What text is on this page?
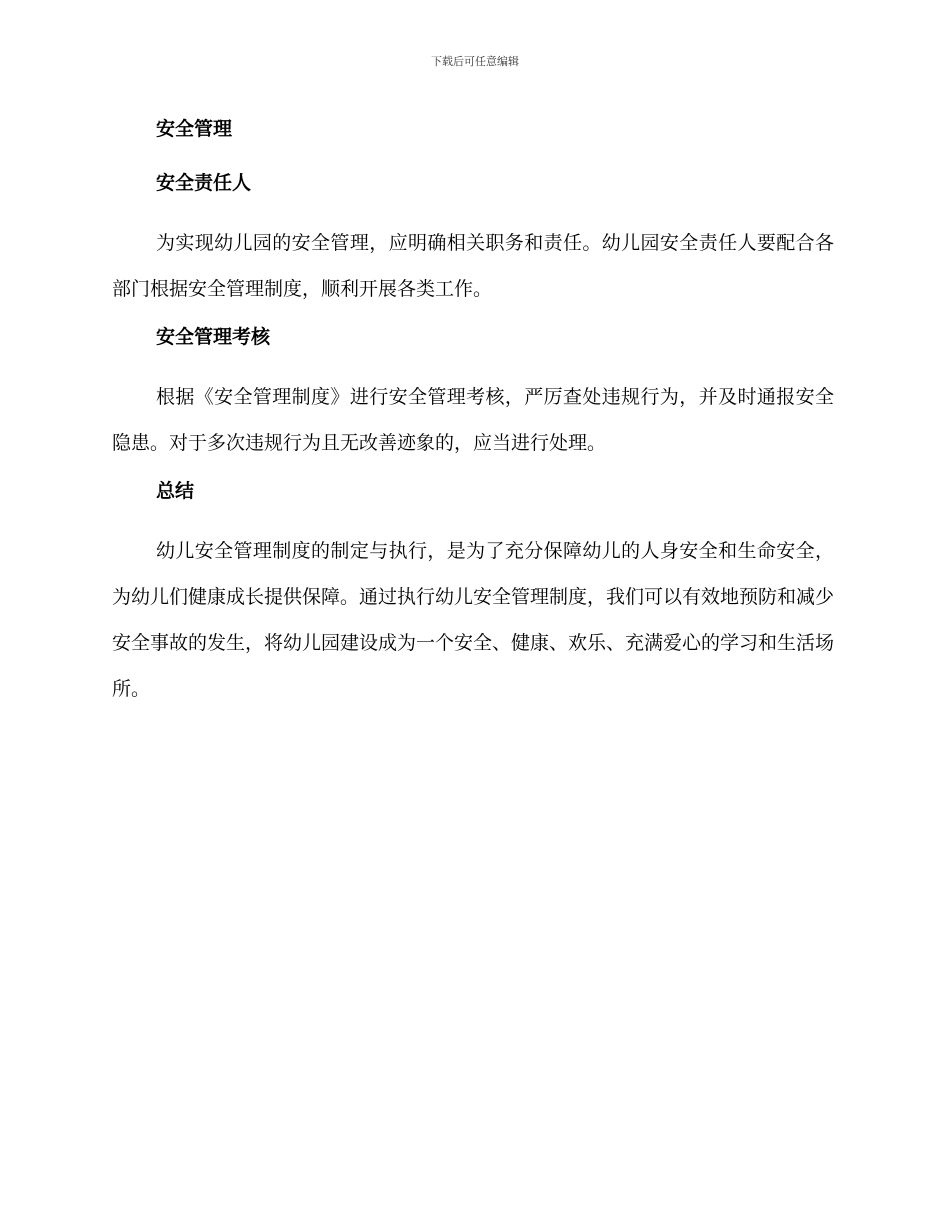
下载后可任意编辑
安全管理
安全责任人

为实现幼儿园的安全管理，应明确相关职务和责任。幼儿园安全责任人要配合各部门根据安全管理制度，顺利开展各类工作。

安全管理考核

根据《安全管理制度》进行安全管理考核，严厉查处违规行为，并及时通报安全隐患。对于多次违规行为且无改善迹象的，应当进行处理。

总结

幼儿安全管理制度的制定与执行，是为了充分保障幼儿的人身安全和生命安全，为幼儿们健康成长提供保障。通过执行幼儿安全管理制度，我们可以有效地预防和减少安全事故的发生，将幼儿园建设成为一个安全、健康、欢乐、充满爱心的学习和生活场所。
